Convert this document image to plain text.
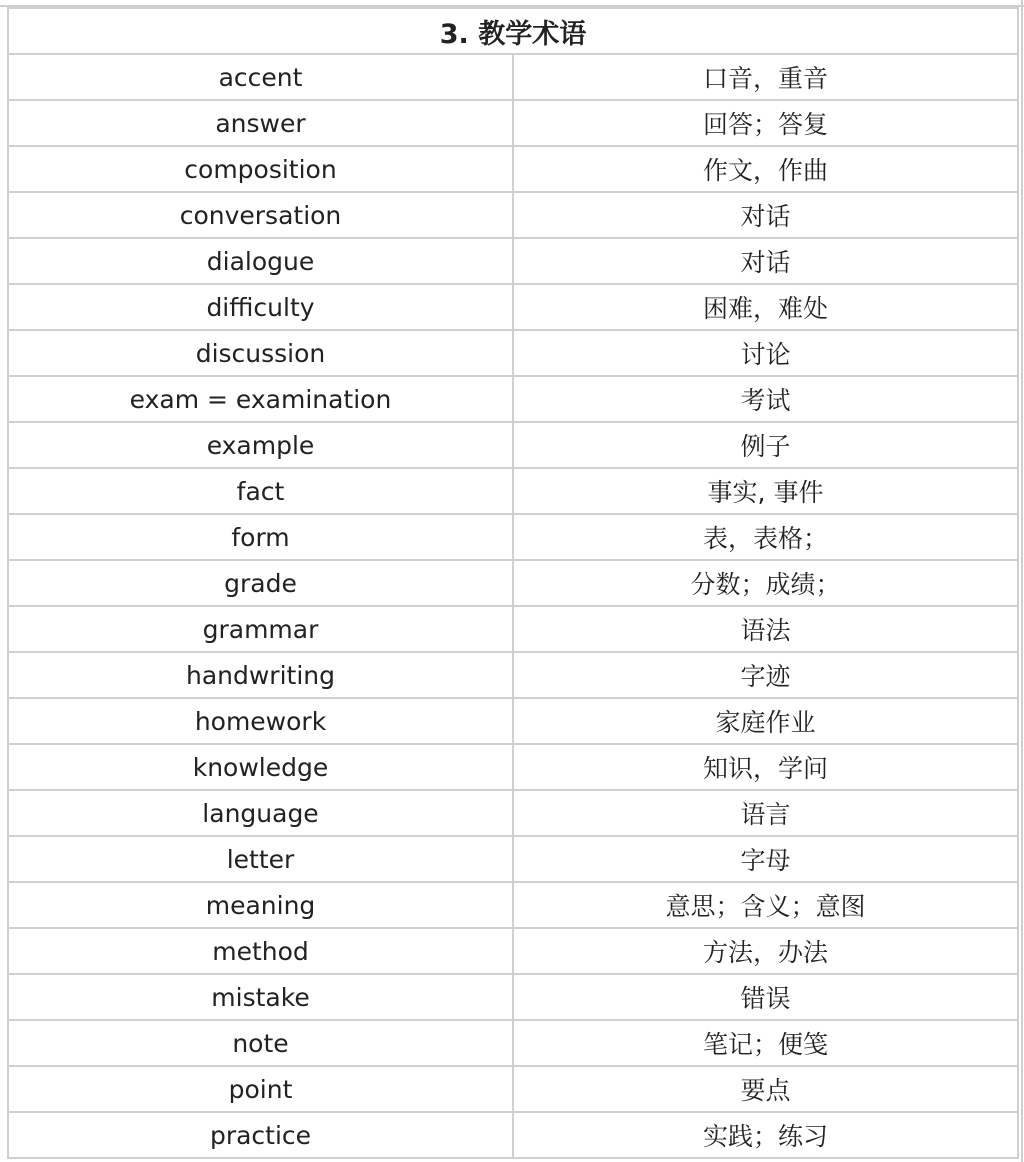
3. 教学术语	
accent	口音，重音
answer	回答；答复
composition	作文，作曲
conversation	对话
dialogue	对话
difficulty	困难，难处
discussion	讨论
exam = examination	考试
example	例子
fact	事实, 事件
form	表，表格；
grade	分数；成绩；
grammar	语法
handwriting	字迹
homework	家庭作业
knowledge	知识，学问
language	语言
letter	字母
meaning	意思；含义；意图
method	方法，办法
mistake	错误
note	笔记；便笺
point	要点
practice	实践；练习
